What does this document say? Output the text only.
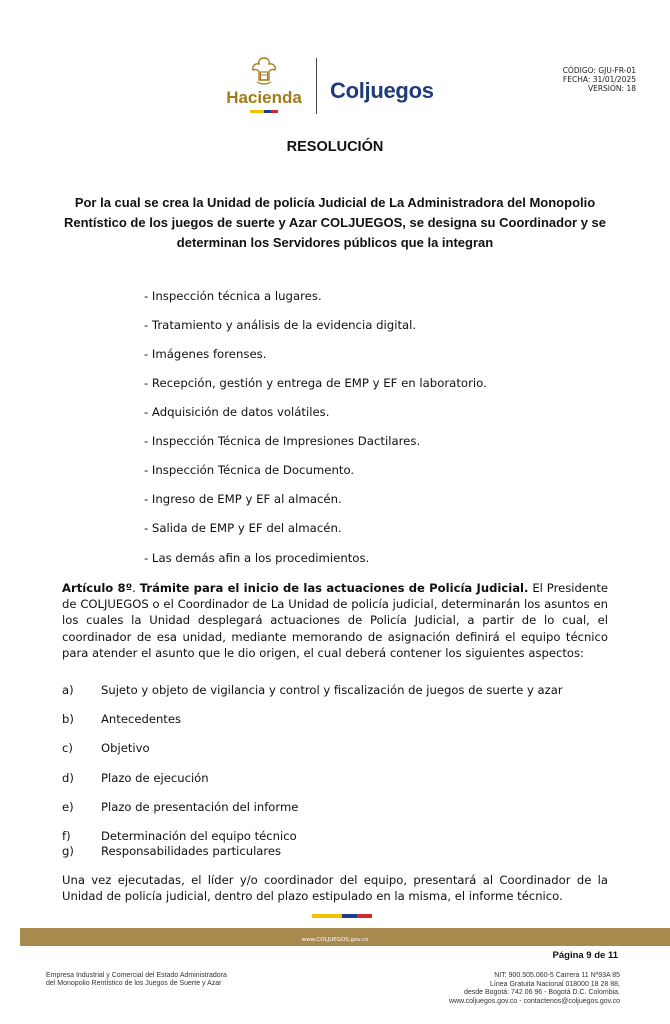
Hacienda Coljuegos
CÓDIGO: GJU-FR-01
FECHA: 31/01/2025
VERSIÓN: 18
RESOLUCIÓN
Por la cual se crea la Unidad de policía Judicial de La Administradora del Monopolio Rentístico de los juegos de suerte y Azar COLJUEGOS, se designa su Coordinador y se determinan los Servidores públicos que la integran
- Inspección técnica a lugares.
- Tratamiento y análisis de la evidencia digital.
- Imágenes forenses.
- Recepción, gestión y entrega de EMP y EF en laboratorio.
- Adquisición de datos volátiles.
- Inspección Técnica de Impresiones Dactilares.
- Inspección Técnica de Documento.
- Ingreso de EMP y EF al almacén.
- Salida de EMP y EF del almacén.
- Las demás afin a los procedimientos.
Artículo 8º. Trámite para el inicio de las actuaciones de Policía Judicial. El Presidente de COLJUEGOS o el Coordinador de La Unidad de policía judicial, determinarán los asuntos en los cuales la Unidad desplegará actuaciones de Policía Judicial, a partir de lo cual, el coordinador de esa unidad, mediante memorando de asignación definirá el equipo técnico para atender el asunto que le dio origen, el cual deberá contener los siguientes aspectos:
a) Sujeto y objeto de vigilancia y control y fiscalización de juegos de suerte y azar
b) Antecedentes
c) Objetivo
d) Plazo de ejecución
e) Plazo de presentación del informe
f)	Determinación del equipo técnico
g) Responsabilidades particulares
Una vez ejecutadas, el líder y/o coordinador del equipo, presentará al Coordinador de la Unidad de policía judicial, dentro del plazo estipulado en la misma, el informe técnico.
www.COLJUEGOS.gov.co
Página 9 de 11
Empresa Industrial y Comercial del Estado Administradora
del Monopolio Rentístico de los Juegos de Suerte y Azar
NIT: 900.505.060-5 Carrera 11 Nº93A 85
Línea Gratuita Nacional 018000 18 28 88,
desde Bogotá: 742 06 96 - Bogotá D.C. Colombia.
www.coljuegos.gov.co - contactenos@coljuegos.gov.co
